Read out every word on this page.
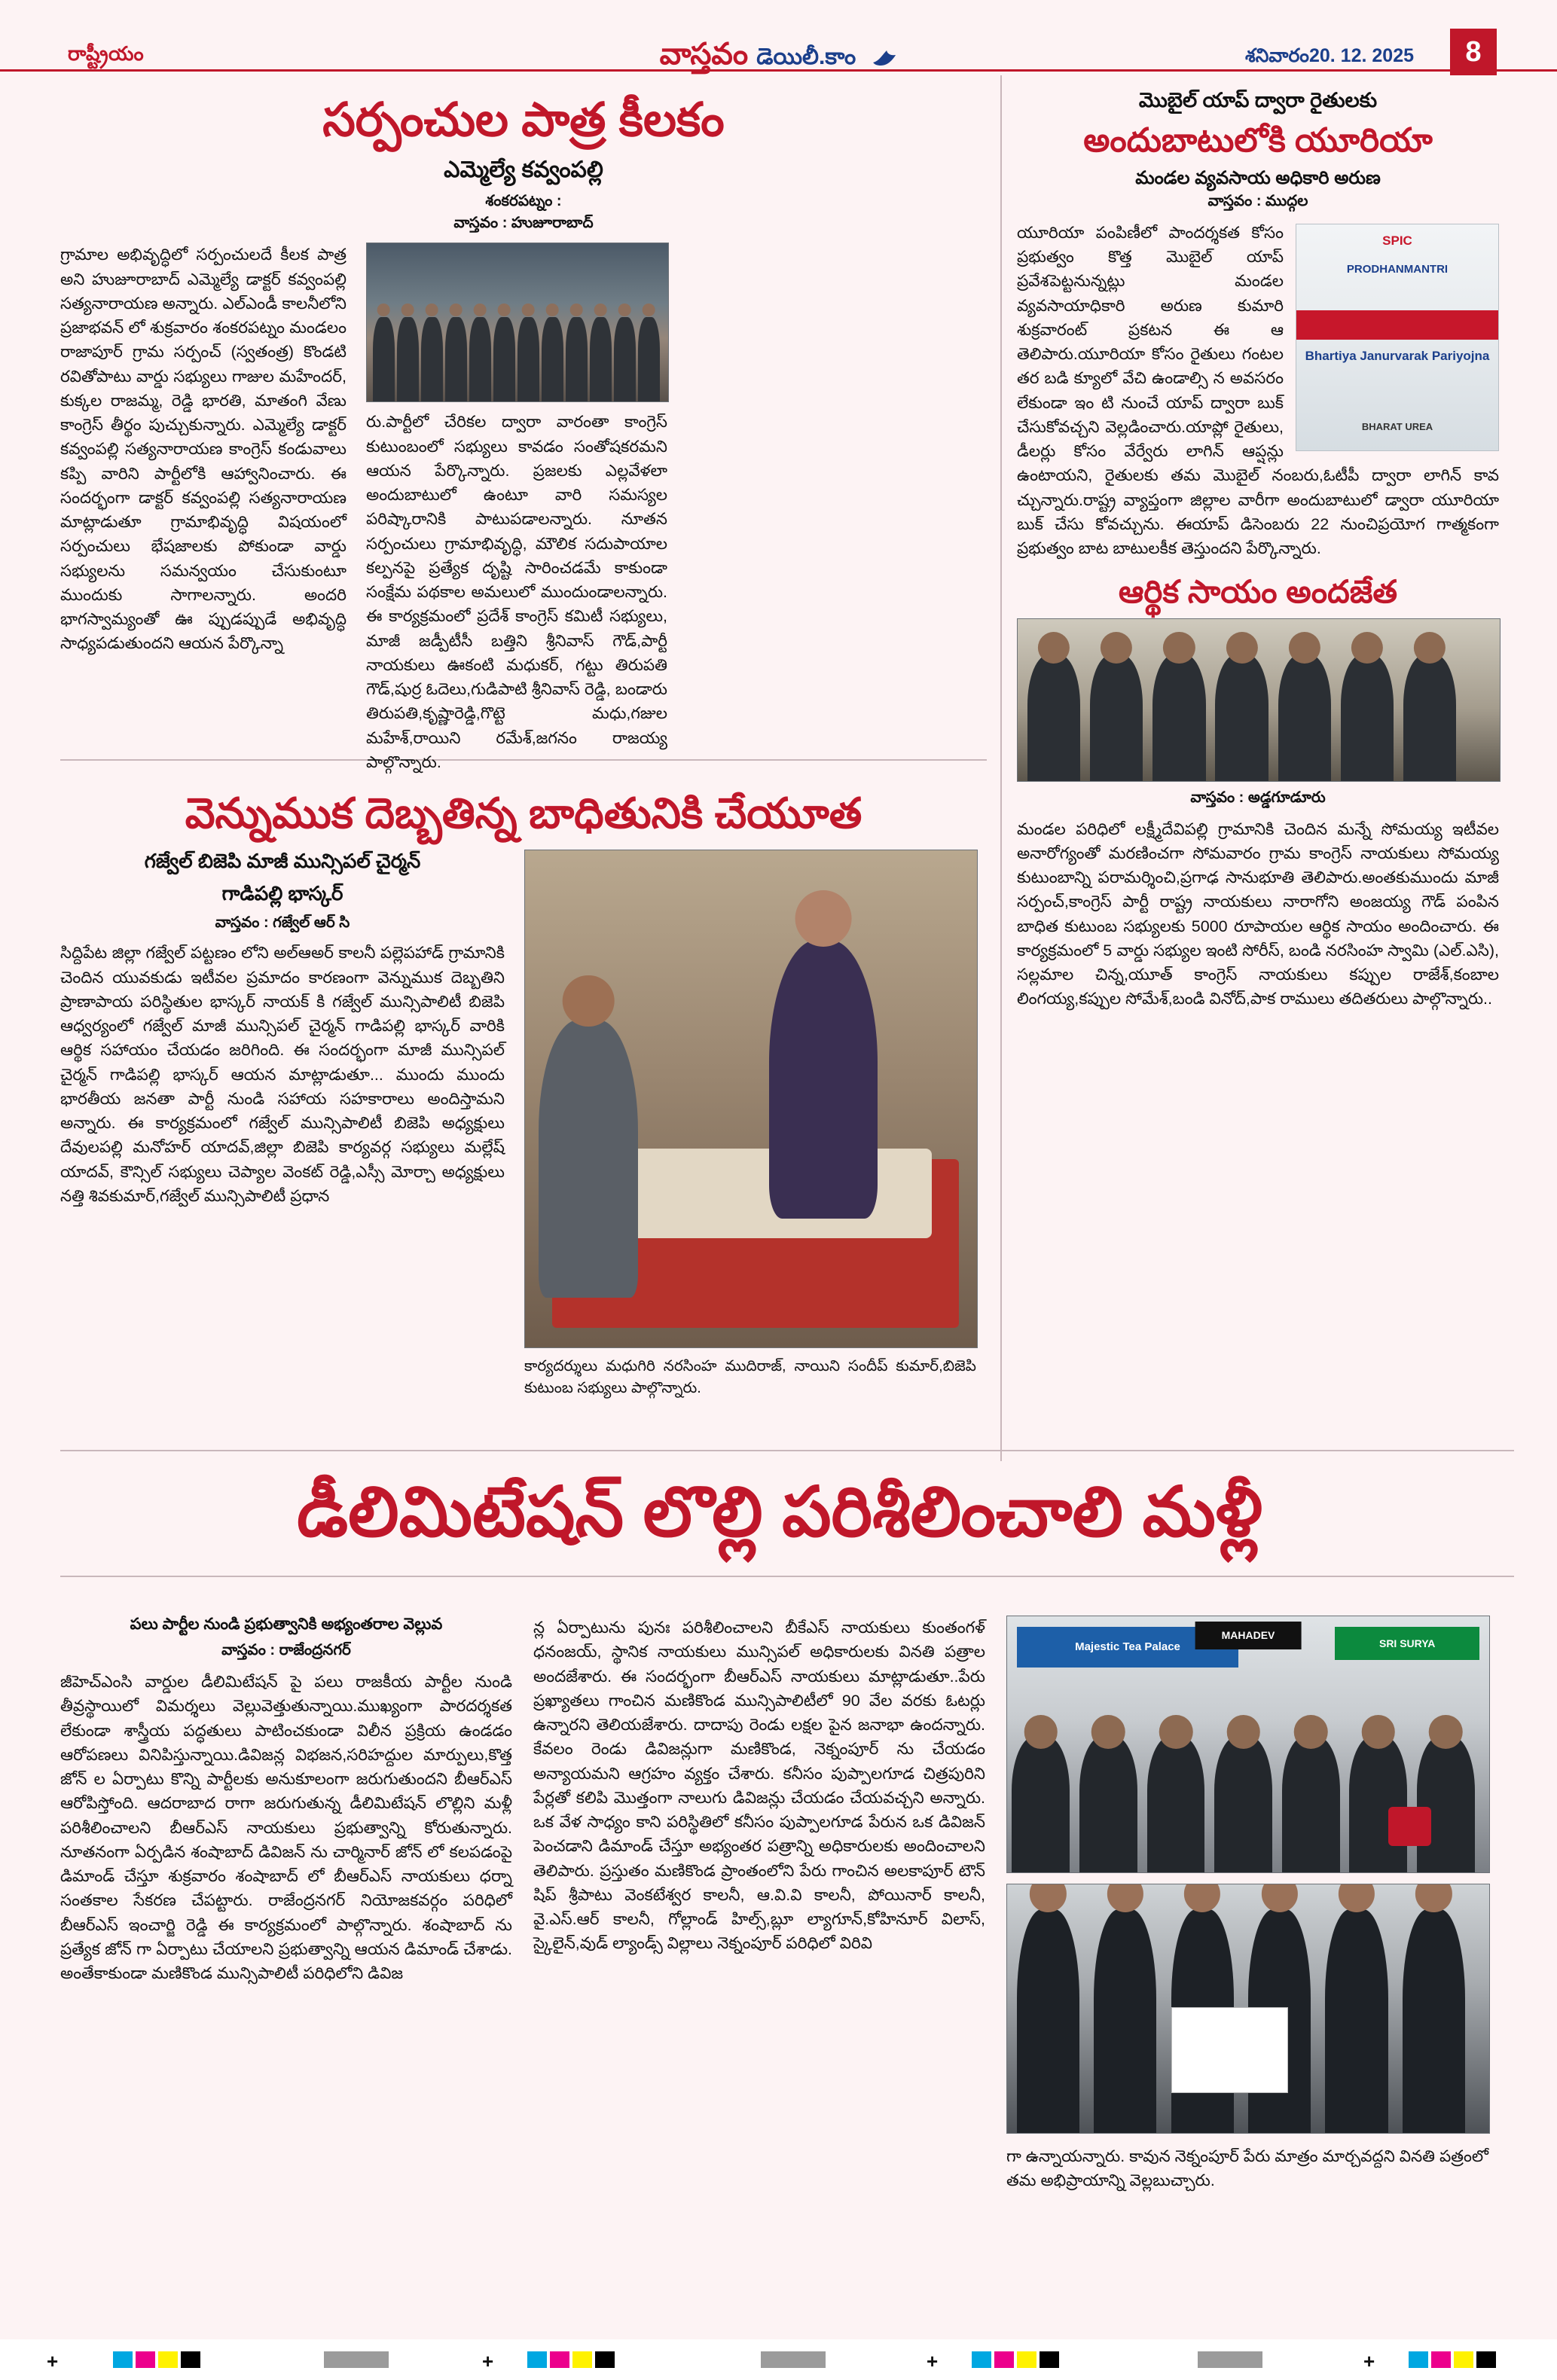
రాష్ట్రీయం	వాస్తవం డెయిలీ.కాం	శనివారం20. 12. 2025	8
సర్పంచుల పాత్ర కీలకం
ఎమ్మెల్యే కవ్వంపల్లి
శంకరపట్నం :
వాస్తవం : హుజూరాబాద్
గ్రామాల అభివృద్ధిలో సర్పంచులదే కీలక పాత్ర అని హుజూరాబాద్ ఎమ్మెల్యే డాక్టర్ కవ్వంపల్లి సత్యనారాయణ అన్నారు. ఎల్ఎండీ కాలనీలోని ప్రజాభవన్ లో శుక్రవారం శంకరపట్నం మండలం రాజాపూర్ గ్రామ సర్పంచ్ (స్వతంత్ర) కొండటి రవితోపాటు వార్డు సభ్యులు గాజుల మహేందర్, కుక్కల రాజమ్మ, రెడ్డి భారతి, మాతంగి వేణు కాంగ్రెస్ తీర్థం పుచ్చుకున్నారు. ఎమ్మెల్యే డాక్టర్ కవ్వంపల్లి సత్యనారాయణ కాంగ్రెస్ కండువాలు కప్పి వారిని పార్టీలోకి ఆహ్వానించారు. ఈ సందర్భంగా డాక్టర్ కవ్వంపల్లి సత్యనారాయణ మాట్లాడుతూ గ్రామాభివృద్ధి విషయంలో సర్పంచులు భేషజాలకు పోకుండా వార్డు సభ్యులను సమన్వయం చేసుకుంటూ ముందుకు సాగాలన్నారు. అందరి భాగస్వామ్యంతో ఊ ప్పుడప్పుడే అభివృద్ధి సాధ్యపడుతుందని ఆయన పేర్కొన్నా
రు.పార్టీలో చేరికల ద్వారా వారంతా కాంగ్రెస్ కుటుంబంలో సభ్యులు కావడం సంతోషకరమని ఆయన పేర్కొన్నారు. ప్రజలకు ఎల్లవేళలా అందుబాటులో ఉంటూ వారి సమస్యల పరిష్కారానికి పాటుపడాలన్నారు. నూతన సర్పంచులు గ్రామాభివృద్ధి, మౌలిక సదుపాయాల కల్పనపై ప్రత్యేక దృష్టి సారించడమే కాకుండా సంక్షేమ పథకాల అమలులో ముందుండాలన్నారు. ఈ కార్యక్రమంలో ప్రదేశ్ కాంగ్రెస్ కమిటీ సభ్యులు, మాజీ జడ్పీటీసీ బత్తిని శ్రీనివాస్ గౌడ్,పార్టీ నాయకులు ఊకంటి మధుకర్, గట్టు తిరుపతి గౌడ్,షుర్ర ఓదెలు,గుడిపాటి శ్రీనివాస్ రెడ్డి, బండారు తిరుపతి,కృష్ణారెడ్డి,గొట్టె మధు,గజుల మహేశ్,రాయిని రమేశ్,జగనం రాజయ్య పాల్గొన్నారు.
వెన్నుముక దెబ్బతిన్న బాధితునికి చేయూత
గజ్వేల్ బిజెపి మాజీ మున్సిపల్ చైర్మన్
గాడిపల్లి భాస్కర్
వాస్తవం : గజ్వేల్ ఆర్ సి
సిద్దిపేట జిల్లా గజ్వేల్ పట్టణం లోని అల్ఆఅర్ కాలనీ పల్లెపహాడ్ గ్రామానికి చెందిన యువకుడు ఇటీవల ప్రమాదం కారణంగా వెన్నుముక దెబ్బతిని ప్రాణాపాయ పరిస్థితుల భాస్కర్ నాయక్ కి గజ్వేల్ మున్సిపాలిటీ బిజెపి ఆధ్వర్యంలో గజ్వేల్ మాజీ మున్సిపల్ చైర్మన్ గాడిపల్లి భాస్కర్ వారికి ఆర్థిక సహాయం చేయడం జరిగింది. ఈ సందర్భంగా మాజీ మున్సిపల్ చైర్మన్ గాడిపల్లి భాస్కర్ ఆయన మాట్లాడుతూ... ముందు ముందు భారతీయ జనతా పార్టీ నుండి సహాయ సహకారాలు అందిస్తామని అన్నారు. ఈ కార్యక్రమంలో గజ్వేల్ మున్సిపాలిటీ బిజెపి అధ్యక్షులు దేవులపల్లి మనోహర్ యాదవ్,జిల్లా బిజెపి కార్యవర్గ సభ్యులు మల్లేష్ యాదవ్, కౌన్సిల్ సభ్యులు చెప్యాల వెంకట్ రెడ్డి,ఎస్సీ మోర్చా అధ్యక్షులు నత్తి శివకుమార్,గజ్వేల్ మున్సిపాలిటీ ప్రధాన
కార్యదర్శులు మధుగిరి నరసింహ ముదిరాజ్, నాయిని సందీప్ కుమార్,బిజెపి కుటుంబ సభ్యులు పాల్గొన్నారు.
మొబైల్ యాప్ ద్వారా రైతులకు
అందుబాటులోకి యూరియా
మండల వ్యవసాయ అధికారి అరుణ
వాస్తవం : ముద్గల
SPIC
PRODHANMANTRI
Bhartiya Janurvarak Pariyojna
BHARAT UREA
యూరియా పంపిణీలో పాందర్శకత కోసం ప్రభుత్వం కొత్త మొబైల్ యాప్ ప్రవేశపెట్టనున్నట్లు మండల వ్యవసాయాధికారి అరుణ కుమారి శుక్రవారంట్ ప్రకటన ఈ ఆ తెలిపారు.యూరియా కోసం రైతులు గంటల తర బడి క్యూలో వేచి ఉండాల్సి న అవసరం లేకుండా ఇం టి నుంచే యాప్ ద్వారా బుక్ చేసుకోవచ్చని వెల్లడించారు.యాప్లో రైతులు, డీలర్లు కోసం వేర్వేరు లాగిన్ ఆప్షన్లు ఉంటాయని, రైతులకు తమ మొబైల్ నంబరు,ఓటీపీ ద్వారా లాగిన్ కావ చ్చున్నారు.రాష్ట్ర వ్యాప్తంగా జిల్లాల వారీగా అందుబాటులో డ్వారా యూరియా బుక్ చేసు కోవచ్చును. ఈయాప్ డిసెంబరు 22 నుంచిప్రయోగ గాత్మకంగా ప్రభుత్వం బాట బాటులకీక తెస్తుందని పేర్కొన్నారు.
ఆర్థిక సాయం అందజేత
వాస్తవం : అడ్డగూడూరు
మండల పరిధిలో లక్ష్మీదేవిపల్లి గ్రామానికి చెందిన మన్నే సోమయ్య ఇటీవల అనారోగ్యంతో మరణించగా సోమవారం గ్రామ కాంగ్రెస్ నాయకులు సోమయ్య కుటుంబాన్ని పరామర్శించి,ప్రగాఢ సానుభూతి తెలిపారు.అంతకుముందు మాజీ సర్పంచ్,కాంగ్రెస్ పార్టీ రాష్ట్ర నాయకులు నారాగోని అంజయ్య గౌడ్ పంపిన బాధిత కుటుంబ సభ్యులకు 5000 రూపాయల ఆర్థిక సాయం అందించారు. ఈ కార్యక్రమంలో 5 వార్డు సభ్యుల ఇంటి సోరీస్, బండి నరసింహ స్వామి (ఎల్.ఎసి), సల్లమాల చిన్న,యూత్ కాంగ్రెస్ నాయకులు కప్పుల రాజేశ్,కంబాల లింగయ్య,కప్పుల సోమేశ్,బండి వినోద్,పాక రాములు తదితరులు పాల్గొన్నారు..
డీలిమిటేషన్ లొల్లి పరిశీలించాలి మళ్లీ
పలు పార్టీల నుండి ప్రభుత్వానికి అభ్యంతరాల వెల్లువ
వాస్తవం : రాజేంద్రనగర్
జీహెచ్ఎంసి వార్డుల డీలిమిటేషన్ పై పలు రాజకీయ పార్టీల నుండి తీవ్రస్థాయిలో విమర్శలు వెల్లువెత్తుతున్నాయి.ముఖ్యంగా పారదర్శకత లేకుండా శాస్త్రీయ పద్ధతులు పాటించకుండా విలీన ప్రక్రియ ఉండడం ఆరోపణలు వినిపిస్తున్నాయి.డివిజన్ల విభజన,సరిహద్దుల మార్పులు,కొత్త జోన్ ల ఏర్పాటు కొన్ని పార్టీలకు అనుకూలంగా జరుగుతుందని బీఆర్ఎస్ ఆరోపిస్తోంది. ఆదరాబాద రాగా జరుగుతున్న డీలిమిటేషన్ లొల్లిని మళ్లీ పరిశీలించాలని బీఆర్ఎస్ నాయకులు ప్రభుత్వాన్ని కోరుతున్నారు. నూతనంగా ఏర్పడిన శంషాబాద్ డివిజన్ ను చార్మినార్ జోన్ లో కలపడంపై డిమాండ్ చేస్తూ శుక్రవారం శంషాబాద్ లో బీఆర్ఎస్ నాయకులు ధర్నా సంతకాల సేకరణ చేపట్టారు. రాజేంద్రనగర్ నియోజకవర్గం పరిధిలో బీఆర్ఎస్ ఇంచార్జి రెడ్డి ఈ కార్యక్రమంలో పాల్గొన్నారు. శంషాబాద్ ను ప్రత్యేక జోన్ గా ఏర్పాటు చేయాలని ప్రభుత్వాన్ని ఆయన డిమాండ్ చేశాడు. అంతేకాకుండా మణికొండ మున్సిపాలిటీ పరిధిలోని డివిజ
న్ల ఏర్పాటును పునః పరిశీలించాలని బీకేఎస్ నాయకులు కుంతంగళ్ ధనంజయ్, స్థానిక నాయకులు మున్సిపల్ అధికారులకు వినతి పత్రాల అందజేశారు. ఈ సందర్భంగా బీఆర్ఎస్ నాయకులు మాట్లాడుతూ..పేరు ప్రఖ్యాతలు గాంచిన మణికొండ మున్సిపాలిటీలో 90 వేల వరకు ఓటర్లు ఉన్నారని తెలియజేశారు. దాదాపు రెండు లక్షల పైన జనాభా ఉందన్నారు. కేవలం రెండు డివిజన్లుగా మణికొండ, నెక్నంపూర్ ను చేయడం అన్యాయమని ఆగ్రహం వ్యక్తం చేశారు. కనీసం పుప్పాలగూడ చిత్రపురిని పేర్లతో కలిపి మొత్తంగా నాలుగు డివిజన్లు చేయడం చేయవచ్చని అన్నారు. ఒక వేళ సాధ్యం కాని పరిస్థితిలో కనీసం పుప్పాలగూడ పేరున ఒక డివిజన్ పెంచడాని డిమాండ్ చేస్తూ అభ్యంతర పత్రాన్ని అధికారులకు అందించాలని తెలిపారు. ప్రస్తుతం మణికొండ ప్రాంతంలోని పేరు గాంచిన అలకాపూర్ టౌన్ షిప్ శ్రీపాటు వెంకటేశ్వర కాలనీ, ఆ.వి.వి కాలనీ, పోయినార్ కాలనీ, వై.ఎస్.ఆర్ కాలనీ, గోల్లాండ్ హిల్స్,బ్లూ ల్యాగూన్,కోహినూర్ విలాస్, స్కైలైన్,వుడ్ ల్యాండ్స్ విల్లాలు నెక్నంపూర్ పరిధిలో విరివి
Majestic Tea Palace
MAHADEV
SRI SURYA
గా ఉన్నాయన్నారు. కావున నెక్నంపూర్ పేరు మాత్రం మార్చవద్దని వినతి పత్రంలో తమ అభిప్రాయాన్ని వెల్లబుచ్చారు.
+	+	+	+
